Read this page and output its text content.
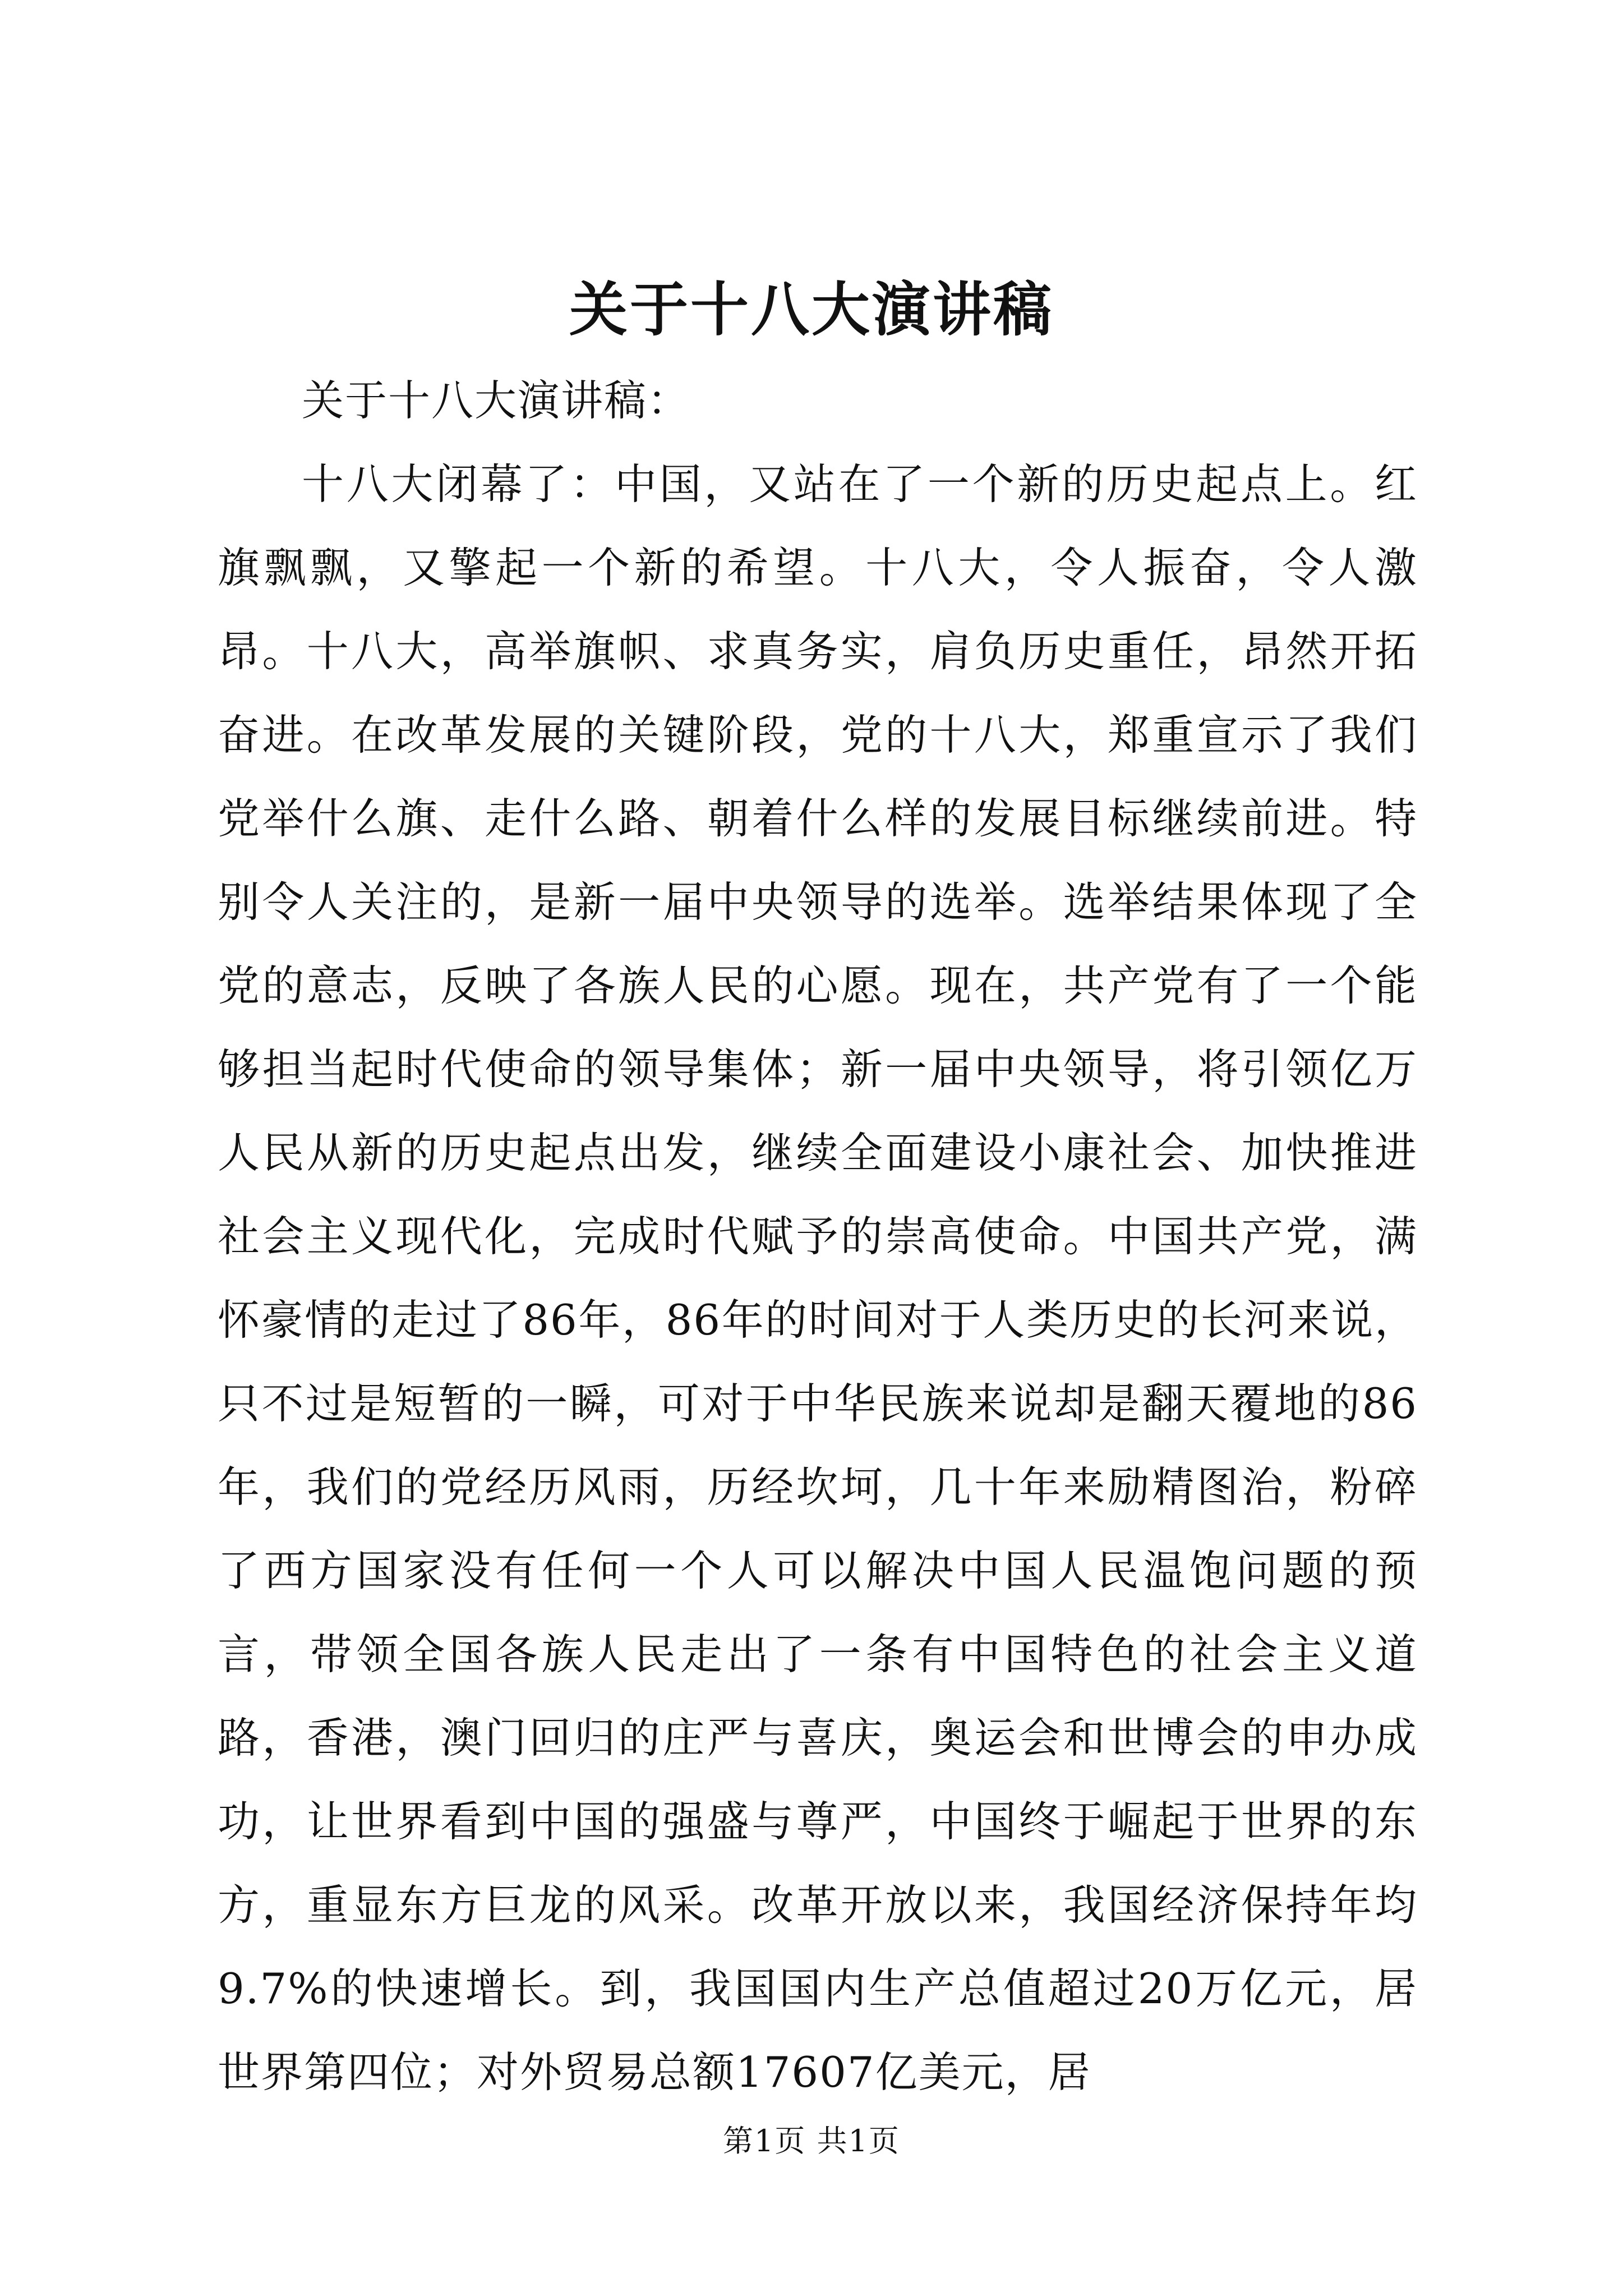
关于十八大演讲稿

关于十八大演讲稿：

十八大闭幕了：中国，又站在了一个新的历史起点上。红旗飘飘，又擎起一个新的希望。十八大，令人振奋，令人激昂。十八大，高举旗帜、求真务实，肩负历史重任，昂然开拓奋进。在改革发展的关键阶段，党的十八大，郑重宣示了我们党举什么旗、走什么路、朝着什么样的发展目标继续前进。特别令人关注的，是新一届中央领导的选举。选举结果体现了全党的意志，反映了各族人民的心愿。现在，共产党有了一个能够担当起时代使命的领导集体；新一届中央领导，将引领亿万人民从新的历史起点出发，继续全面建设小康社会、加快推进社会主义现代化，完成时代赋予的崇高使命。中国共产党，满怀豪情的走过了86年，86年的时间对于人类历史的长河来说，只不过是短暂的一瞬，可对于中华民族来说却是翻天覆地的86年，我们的党经历风雨，历经坎坷，几十年来励精图治，粉碎了西方国家没有任何一个人可以解决中国人民温饱问题的预言，带领全国各族人民走出了一条有中国特色的社会主义道路，香港，澳门回归的庄严与喜庆，奥运会和世博会的申办成功，让世界看到中国的强盛与尊严，中国终于崛起于世界的东方，重显东方巨龙的风采。改革开放以来，我国经济保持年均9.7%的快速增长。到，我国国内生产总值超过20万亿元，居世界第四位；对外贸易总额17607亿美元，居

第1页 共1页
